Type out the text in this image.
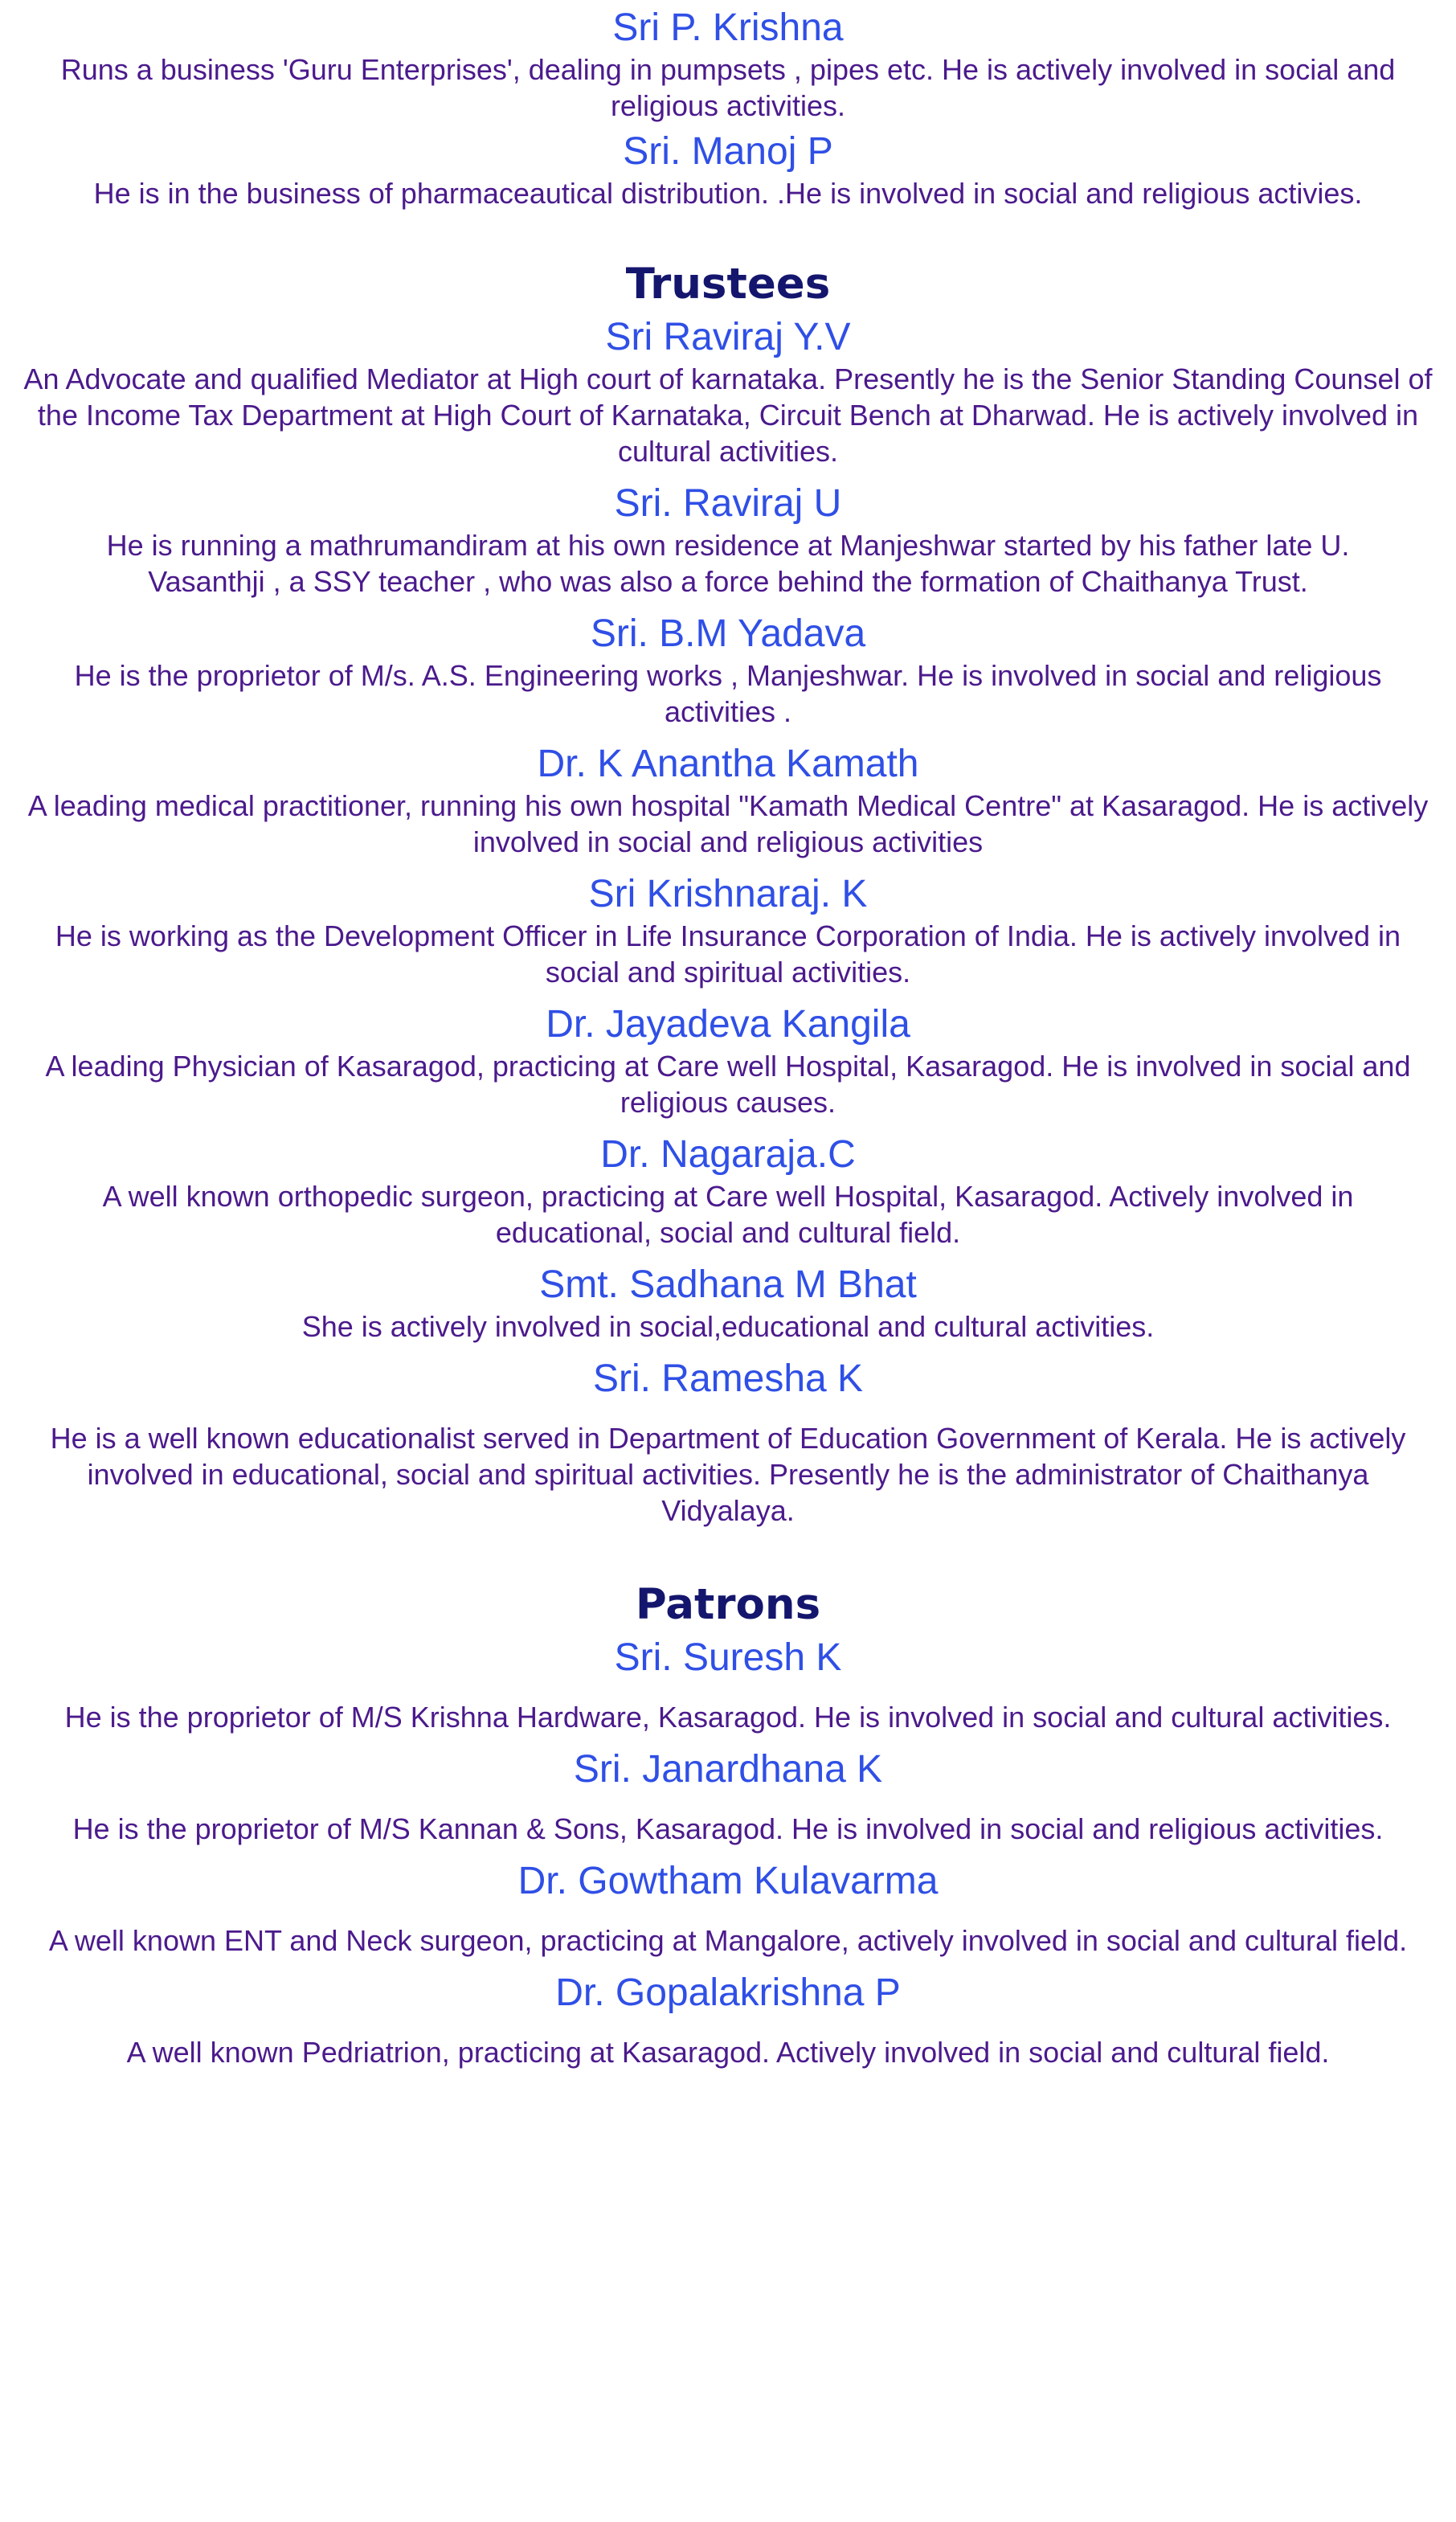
Sri P. Krishna
Runs a business 'Guru Enterprises', dealing in pumpsets , pipes etc. He is actively involved in social and religious activities.
Sri. Manoj P
He is in the business of pharmaceautical distribution. .He is involved in social and religious activies.
Trustees
Sri Raviraj Y.V
An Advocate and qualified Mediator at High court of karnataka. Presently he is the Senior Standing Counsel of the Income Tax Department at High Court of Karnataka, Circuit Bench at Dharwad. He is actively involved in cultural activities.
Sri. Raviraj U
He is running a mathrumandiram at his own residence at Manjeshwar started by his father late U. Vasanthji , a SSY teacher , who was also a force behind the formation of Chaithanya Trust.
Sri. B.M Yadava
He is the proprietor of M/s. A.S. Engineering works , Manjeshwar. He is involved in social and religious activities .
Dr. K Anantha Kamath
A leading medical practitioner, running his own hospital "Kamath Medical Centre" at Kasaragod. He is actively involved in social and religious activities
Sri Krishnaraj. K
He is working as the Development Officer in Life Insurance Corporation of India. He is actively involved in social and spiritual activities.
Dr. Jayadeva Kangila
A leading Physician of Kasaragod, practicing at Care well Hospital, Kasaragod. He is involved in social and religious causes.
Dr. Nagaraja.C
A well known orthopedic surgeon, practicing at Care well Hospital, Kasaragod. Actively involved in educational, social and cultural field.
Smt. Sadhana M Bhat
She is actively involved in social,educational and cultural activities.
Sri. Ramesha K
He is a well known educationalist served in Department of Education Government of Kerala. He is actively involved in educational, social and spiritual activities. Presently he is the administrator of Chaithanya Vidyalaya.
Patrons
Sri. Suresh K
He is the proprietor of M/S Krishna Hardware, Kasaragod. He is involved in social and cultural activities.
Sri. Janardhana K
He is the proprietor of M/S Kannan & Sons, Kasaragod. He is involved in social and religious activities.
Dr. Gowtham Kulavarma
A well known ENT and Neck surgeon, practicing at Mangalore, actively involved in social and cultural field.
Dr. Gopalakrishna P
A well known Pedriatrion, practicing at Kasaragod. Actively involved in social and cultural field.
